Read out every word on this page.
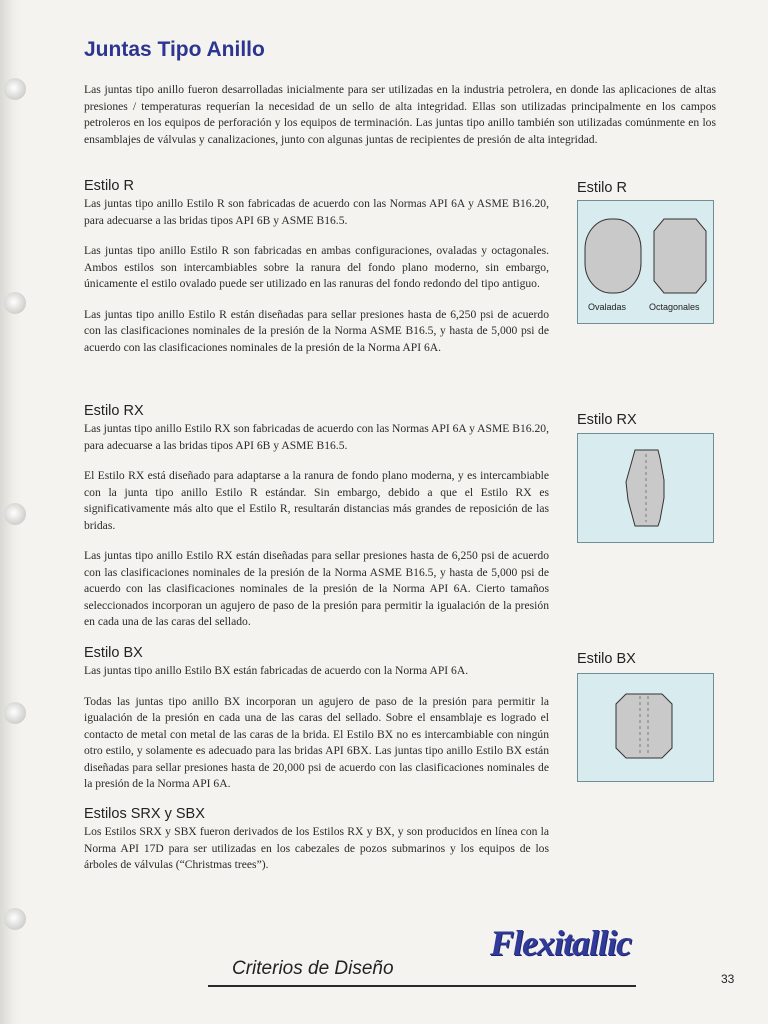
Juntas Tipo Anillo

Las juntas tipo anillo fueron desarrolladas inicialmente para ser utilizadas en la industria petrolera, en donde las aplicaciones de altas presiones / temperaturas requerían la necesidad de un sello de alta integridad. Ellas son utilizadas principalmente en los campos petroleros en los equipos de perforación y los equipos de terminación. Las juntas tipo anillo también son utilizadas comúnmente en los ensamblajes de válvulas y canalizaciones, junto con algunas juntas de recipientes de presión de alta integridad.

Estilo R

Las juntas tipo anillo Estilo R son fabricadas de acuerdo con las Normas API 6A y ASME B16.20, para adecuarse a las bridas tipos API 6B y ASME B16.5.

Las juntas tipo anillo Estilo R son fabricadas en ambas configuraciones, ovaladas y octagonales. Ambos estilos son intercambiables sobre la ranura del fondo plano moderno, sin embargo, únicamente el estilo ovalado puede ser utilizado en las ranuras del fondo redondo del tipo antiguo.

Las juntas tipo anillo Estilo R están diseñadas para sellar presiones hasta de 6,250 psi de acuerdo con las clasificaciones nominales de la presión de la Norma ASME B16.5, y hasta de 5,000 psi de acuerdo con las clasificaciones nominales de la presión de la Norma API 6A.

Estilo RX

Las juntas tipo anillo Estilo RX son fabricadas de acuerdo con las Normas API 6A y ASME B16.20, para adecuarse a las bridas tipos API 6B y ASME B16.5.

El Estilo RX está diseñado para adaptarse a la ranura de fondo plano moderna, y es intercambiable con la junta tipo anillo Estilo R estándar. Sin embargo, debido a que el Estilo RX es significativamente más alto que el Estilo R, resultarán distancias más grandes de reposición de las bridas.

Las juntas tipo anillo Estilo RX están diseñadas para sellar presiones hasta de 6,250 psi de acuerdo con las clasificaciones nominales de la presión de la Norma ASME B16.5, y hasta de 5,000 psi de acuerdo con las clasificaciones nominales de la presión de la Norma API 6A. Cierto tamaños seleccionados incorporan un agujero de paso de la presión para permitir la igualación de la presión en cada una de las caras del sellado.

Estilo BX

Las juntas tipo anillo Estilo BX están fabricadas de acuerdo con la Norma API 6A.

Todas las juntas tipo anillo BX incorporan un agujero de paso de la presión para permitir la igualación de la presión en cada una de las caras del sellado. Sobre el ensamblaje es logrado el contacto de metal con metal de las caras de la brida. El Estilo BX no es intercambiable con ningún otro estilo, y solamente es adecuado para las bridas API 6BX. Las juntas tipo anillo Estilo BX están diseñadas para sellar presiones hasta de 20,000 psi de acuerdo con las clasificaciones nominales de la presión de la Norma API 6A.

Estilos SRX y SBX

Los Estilos SRX y SBX fueron derivados de los Estilos RX y BX, y son producidos en línea con la Norma API 17D para ser utilizadas en los cabezales de pozos submarinos y los equipos de los árboles de válvulas (“Christmas trees”).

Estilo R
Ovaladas	Octagonales
Estilo RX
Estilo BX
Flexitallic
Criterios de Diseño	33
